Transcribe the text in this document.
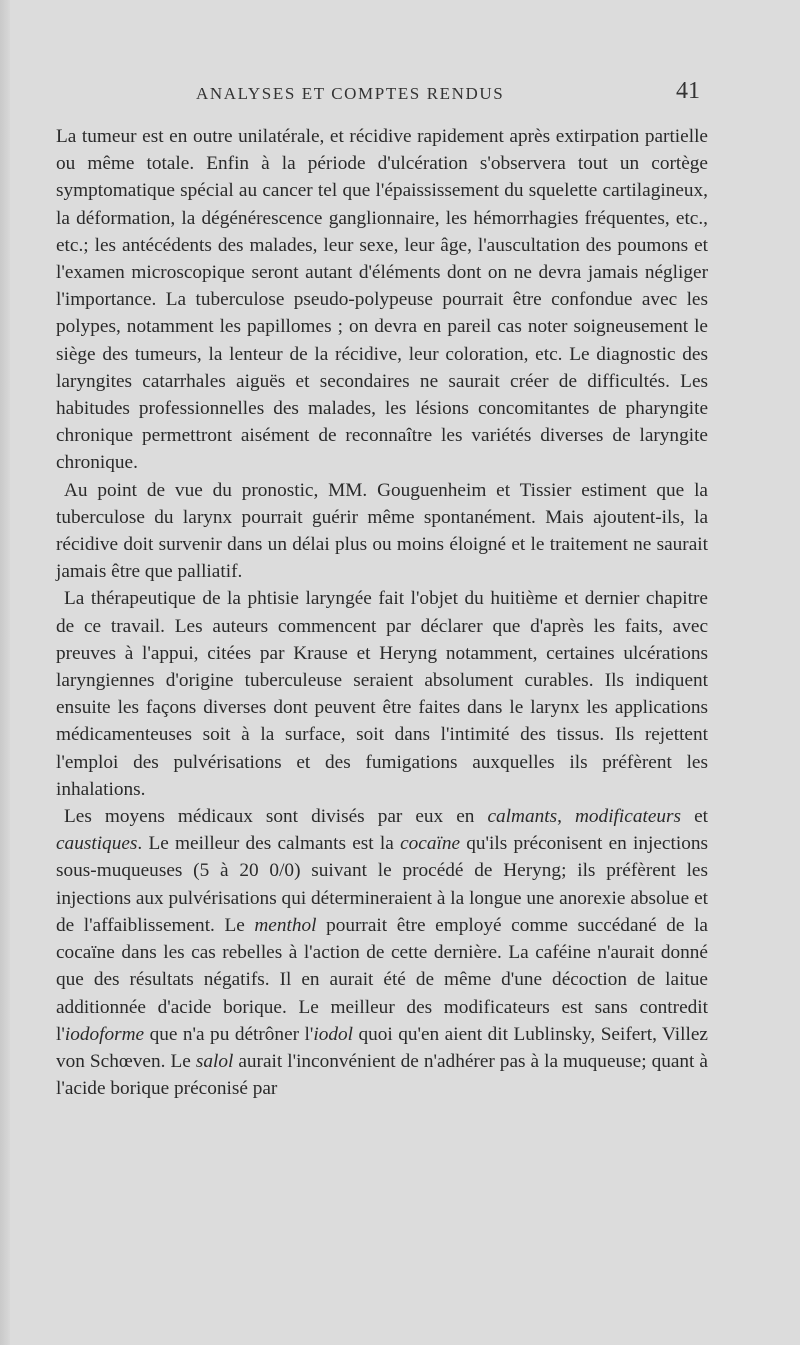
ANALYSES ET COMPTES RENDUS	41

La tumeur est en outre unilatérale, et récidive rapidement après extirpation partielle ou même totale. Enfin à la période d'ulcération s'observera tout un cortège symptomatique spécial au cancer tel que l'épaississement du squelette cartilagineux, la déformation, la dégénérescence ganglionnaire, les hémorrhagies fréquentes, etc., etc.; les antécédents des malades, leur sexe, leur âge, l'auscultation des poumons et l'examen microscopique seront autant d'éléments dont on ne devra jamais négliger l'importance. La tuberculose pseudo-polypeuse pourrait être confondue avec les polypes, notamment les papillomes ; on devra en pareil cas noter soigneusement le siège des tumeurs, la lenteur de la récidive, leur coloration, etc. Le diagnostic des laryngites catarrhales aiguës et secondaires ne saurait créer de difficultés. Les habitudes professionnelles des malades, les lésions concomitantes de pharyngite chronique permettront aisément de reconnaître les variétés diverses de laryngite chronique.

Au point de vue du pronostic, MM. Gouguenheim et Tissier estiment que la tuberculose du larynx pourrait guérir même spontanément. Mais ajoutent-ils, la récidive doit survenir dans un délai plus ou moins éloigné et le traitement ne saurait jamais être que palliatif.

La thérapeutique de la phtisie laryngée fait l'objet du huitième et dernier chapitre de ce travail. Les auteurs commencent par déclarer que d'après les faits, avec preuves à l'appui, citées par Krause et Heryng notamment, certaines ulcérations laryngiennes d'origine tuberculeuse seraient absolument curables. Ils indiquent ensuite les façons diverses dont peuvent être faites dans le larynx les applications médicamenteuses soit à la surface, soit dans l'intimité des tissus. Ils rejettent l'emploi des pulvérisations et des fumigations auxquelles ils préfèrent les inhalations.

Les moyens médicaux sont divisés par eux en calmants, modificateurs et caustiques. Le meilleur des calmants est la cocaïne qu'ils préconisent en injections sous-muqueuses (5 à 20 0/0) suivant le procédé de Heryng; ils préfèrent les injections aux pulvérisations qui détermineraient à la longue une anorexie absolue et de l'affaiblissement. Le menthol pourrait être employé comme succédané de la cocaïne dans les cas rebelles à l'action de cette dernière. La caféine n'aurait donné que des résultats négatifs. Il en aurait été de même d'une décoction de laitue additionnée d'acide borique. Le meilleur des modificateurs est sans contredit l'iodoforme que n'a pu détrôner l'iodol quoi qu'en aient dit Lublinsky, Seifert, Villez von Schœven. Le salol aurait l'inconvénient de n'adhérer pas à la muqueuse; quant à l'acide borique préconisé par
